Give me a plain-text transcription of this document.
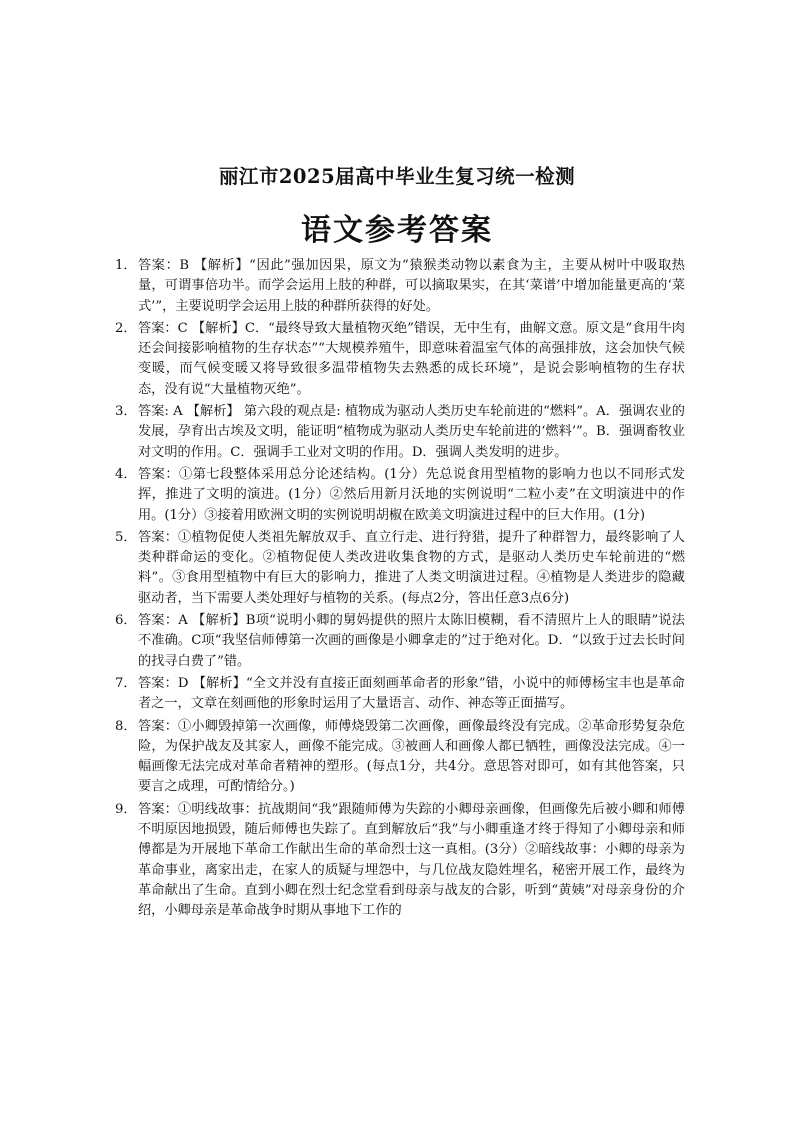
丽江市2025届高中毕业生复习统一检测
语文参考答案
1． 答案：B 【解析】“因此”强加因果，原文为“猿猴类动物以素食为主，主要从树叶中吸取热量，可谓事倍功半。而学会运用上肢的种群，可以摘取果实，在其‘菜谱’中增加能量更高的‘菜式’”，主要说明学会运用上肢的种群所获得的好处。
2． 答案：C 【解析】C．“最终导致大量植物灭绝”错误，无中生有，曲解文意。原文是“食用牛肉还会间接影响植物的生存状态”“大规模养殖牛，即意味着温室气体的高强排放，这会加快气候变暖，而气候变暖又将导致很多温带植物失去熟悉的成长环境”，是说会影响植物的生存状态，没有说“大量植物灭绝”。
3． 答案: A 【解析】 第六段的观点是: 植物成为驱动人类历史车轮前进的“燃料”。A．强调农业的发展，孕育出古埃及文明，能证明“植物成为驱动人类历史车轮前进的‘燃料’”。B．强调畜牧业对文明的作用。C．强调手工业对文明的作用。D．强调人类发明的进步。
4． 答案：①第七段整体采用总分论述结构。(1分）先总说食用型植物的影响力也以不同形式发挥，推进了文明的演进。(1分）②然后用新月沃地的实例说明“二粒小麦”在文明演进中的作用。(1分）③接着用欧洲文明的实例说明胡椒在欧美文明演进过程中的巨大作用。(1分)
5． 答案：①植物促使人类祖先解放双手、直立行走、进行狩猎，提升了种群智力，最终影响了人类种群命运的变化。②植物促使人类改进收集食物的方式，是驱动人类历史车轮前进的“燃料”。③食用型植物中有巨大的影响力，推进了人类文明演进过程。④植物是人类进步的隐藏驱动者，当下需要人类处理好与植物的关系。(每点2分，答出任意3点6分)
6． 答案：A 【解析】B项“说明小卿的舅妈提供的照片太陈旧模糊，看不清照片上人的眼睛”说法不准确。C项“我坚信师傅第一次画的画像是小卿拿走的”过于绝对化。D．“以致于过去长时间的找寻白费了”错。
7． 答案：D 【解析】“全文并没有直接正面刻画革命者的形象”错，小说中的师傅杨宝丰也是革命者之一，文章在刻画他的形象时运用了大量语言、动作、神态等正面描写。
8． 答案：①小卿毁掉第一次画像，师傅烧毁第二次画像，画像最终没有完成。②革命形势复杂危险，为保护战友及其家人，画像不能完成。③被画人和画像人都已牺牲，画像没法完成。④一幅画像无法完成对革命者精神的塑形。(每点1分，共4分。意思答对即可，如有其他答案，只要言之成理，可酌情给分。)
9． 答案：①明线故事：抗战期间“我”跟随师傅为失踪的小卿母亲画像，但画像先后被小卿和师傅不明原因地损毁，随后师傅也失踪了。直到解放后“我”与小卿重逢才终于得知了小卿母亲和师傅都是为开展地下革命工作献出生命的革命烈士这一真相。(3分）②暗线故事：小卿的母亲为革命事业，离家出走，在家人的质疑与埋怨中，与几位战友隐姓埋名，秘密开展工作，最终为革命献出了生命。直到小卿在烈士纪念堂看到母亲与战友的合影，听到“黄姨”对母亲身份的介绍，小卿母亲是革命战争时期从事地下工作的
